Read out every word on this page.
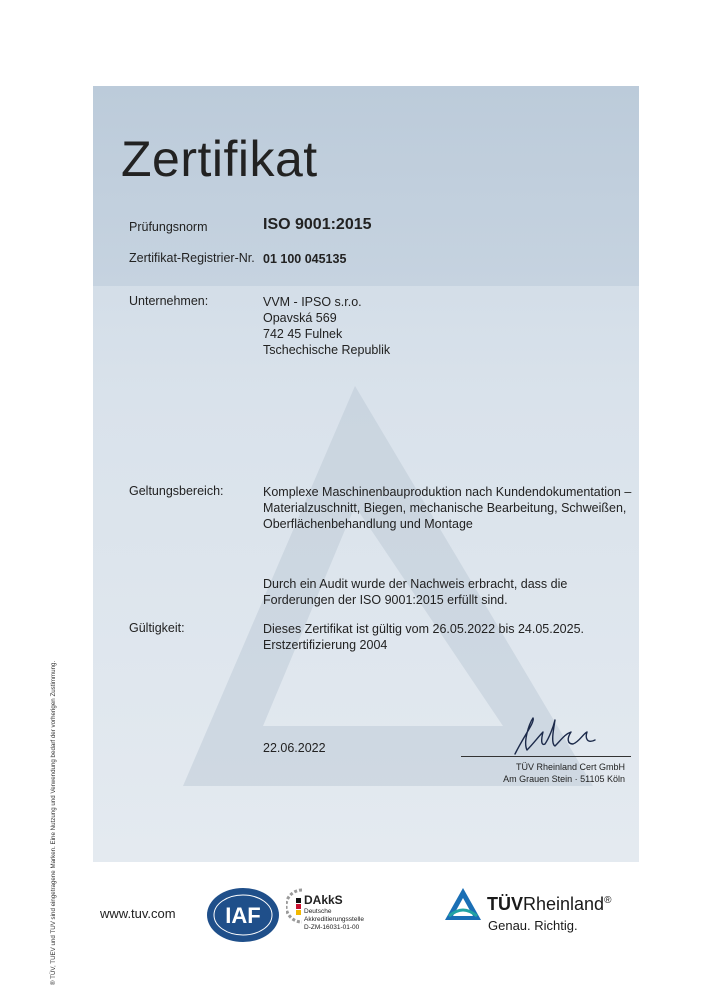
® TÜV, TUEV und TUV sind eingetragene Marken. Eine Nutzung und Verwendung bedarf der vorherigen Zustimmung.
Zertifikat
Prüfungsnorm	ISO 9001:2015
Zertifikat-Registrier-Nr. 01 100 045135
Unternehmen:	VVM - IPSO s.r.o.
Opavská 569
742 45 Fulnek
Tschechische Republik
Geltungsbereich:	Komplexe Maschinenbauproduktion nach Kundendokumentation –
Materialzuschnitt, Biegen, mechanische Bearbeitung, Schweißen,
Oberflächenbehandlung und Montage
Durch ein Audit wurde der Nachweis erbracht, dass die
Forderungen der ISO 9001:2015 erfüllt sind.
Gültigkeit:	Dieses Zertifikat ist gültig vom 26.05.2022 bis 24.05.2025.
Erstzertifizierung 2004
22.06.2022
TÜV Rheinland Cert GmbH
Am Grauen Stein · 51105 Köln
www.tuv.com IAF
DAkkS
Deutsche
Akkreditierungsstelle
D-ZM-16031-01-00
TÜVRheinland®
Genau. Richtig.
